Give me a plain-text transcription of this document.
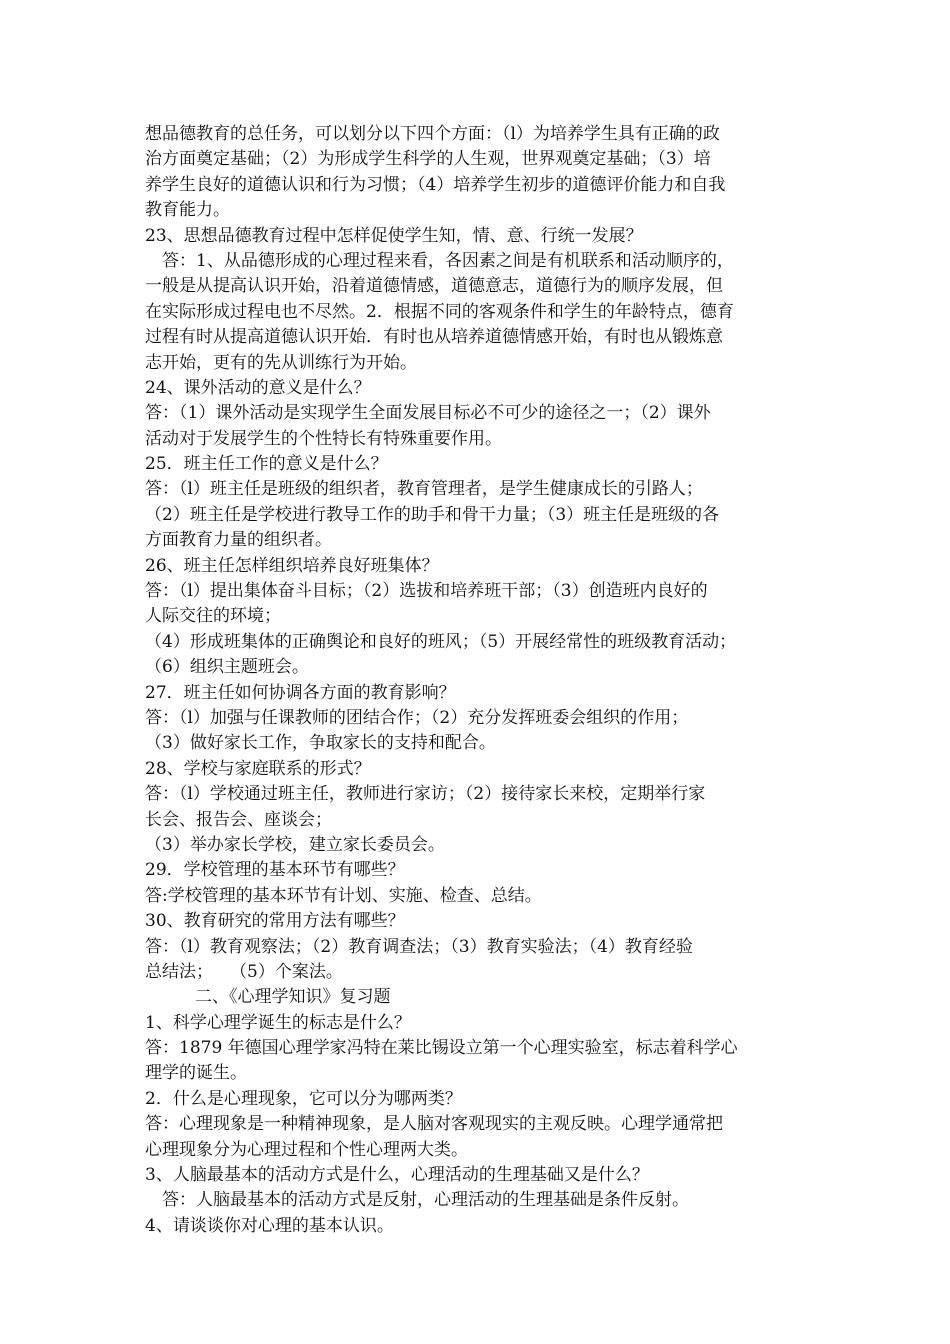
想品德教育的总任务，可以划分以下四个方面：（l）为培养学生具有正确的政
治方面奠定基础；（2）为形成学生科学的人生观，世界观奠定基础；（3）培
养学生良好的道德认识和行为习惯；（4）培养学生初步的道德评价能力和自我
教育能力。
23、思想品德教育过程中怎样促使学生知，情、意、行统一发展？
答：1、从品德形成的心理过程来看，各因素之间是有机联系和活动顺序的，
一般是从提高认识开始，沿着道德情感，道德意志，道德行为的顺序发展，但
在实际形成过程电也不尽然。2．根据不同的客观条件和学生的年龄特点，德育
过程有时从提高道德认识开始．有时也从培养道德情感开始，有时也从锻炼意
志开始，更有的先从训练行为开始。
24、课外活动的意义是什么？
答：（1）课外活动是实现学生全面发展目标必不可少的途径之一；（2）课外
活动对于发展学生的个性特长有特殊重要作用。
25．班主任工作的意义是什么？
答：（l）班主任是班级的组织者，教育管理者，是学生健康成长的引路人；
（2）班主任是学校进行教导工作的助手和骨干力量；（3）班主任是班级的各
方面教育力量的组织者。
26、班主任怎样组织培养良好班集体？
答：（l）提出集体奋斗目标；（2）选拔和培养班干部；（3）创造班内良好的
人际交往的环境；
（4）形成班集体的正确舆论和良好的班风；（5）开展经常性的班级教育活动；
（6）组织主题班会。
27．班主任如何协调各方面的教育影响？
答：（l）加强与任课教师的团结合作；（2）充分发挥班委会组织的作用；
（3）做好家长工作，争取家长的支持和配合。
28、学校与家庭联系的形式？
答：（l）学校通过班主任，教师进行家访；（2）接待家长来校，定期举行家
长会、报告会、座谈会；
（3）举办家长学校，建立家长委员会。
29．学校管理的基本环节有哪些？
答:学校管理的基本环节有计划、实施、检查、总结。
30、教育研究的常用方法有哪些？
答：（l）教育观察法；（2）教育调查法；（3）教育实验法；（4）教育经验
总结法；　　（5）个案法。
二、《心理学知识》复习题
1、科学心理学诞生的标志是什么？
答：1879 年德国心理学家冯特在莱比锡设立第一个心理实验室，标志着科学心
理学的诞生。
2．什么是心理现象，它可以分为哪两类？
答：心理现象是一种精神现象，是人脑对客观现实的主观反映。心理学通常把
心理现象分为心理过程和个性心理两大类。
3、人脑最基本的活动方式是什么，心理活动的生理基础又是什么？
答：人脑最基本的活动方式是反射，心理活动的生理基础是条件反射。
4、请谈谈你对心理的基本认识。
